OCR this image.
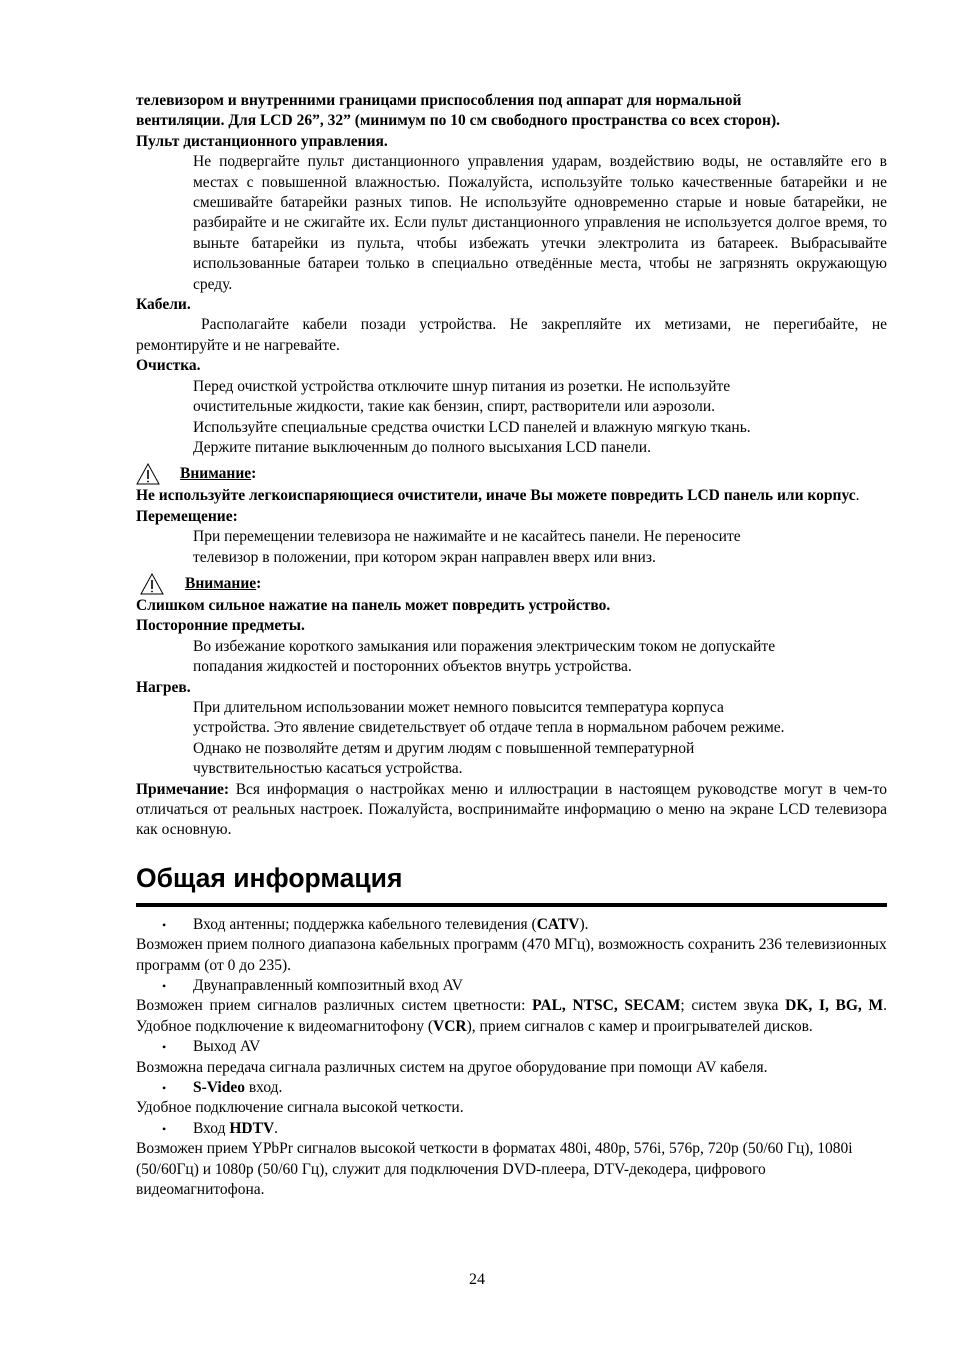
телевизором и внутренними границами приспособления под аппарат для нормальной

вентиляции. Для LCD 26”, 32” (минимум по 10 см свободного пространства со всех сторон).

Пульт дистанционного управления.

Не подвергайте пульт дистанционного управления ударам, воздействию воды, не оставляйте его в местах с повышенной влажностью. Пожалуйста, используйте только качественные батарейки и не смешивайте батарейки разных типов. Не используйте одновременно старые и новые батарейки, не разбирайте и не сжигайте их. Если пульт дистанционного управления не используется долгое время, то выньте батарейки из пульта, чтобы избежать утечки электролита из батареек. Выбрасывайте использованные батареи только в специально отведённые места, чтобы не загрязнять окружающую среду.

Кабели.

Располагайте кабели позади устройства. Не закрепляйте их метизами, не перегибайте, не ремонтируйте и не нагревайте.

Очистка.

Перед очисткой устройства отключите шнур питания из розетки. Не используйте

очистительные жидкости, такие как бензин, спирт, растворители или аэрозоли.

Используйте специальные средства очистки LCD панелей и влажную мягкую ткань.

Держите питание выключенным до полного высыхания LCD панели.

Внимание:

Не используйте легкоиспаряющиеся очистители, иначе Вы можете повредить LCD панель или корпус.

Перемещение:

При перемещении телевизора не нажимайте и не касайтесь панели. Не переносите

телевизор в положении, при котором экран направлен вверх или вниз.

Внимание:

Слишком сильное нажатие на панель может повредить устройство.

Посторонние предметы.

Во избежание короткого замыкания или поражения электрическим током не допускайте

попадания жидкостей и посторонних объектов внутрь устройства.

Нагрев.

При длительном использовании может немного повысится температура корпуса

устройства. Это явление свидетельствует об отдаче тепла в нормальном рабочем режиме.

Однако не позволяйте детям и другим людям с повышенной температурной

чувствительностью касаться устройства.

Примечание: Вся информация о настройках меню и иллюстрации в настоящем руководстве могут в чем-то отличаться от реальных настроек. Пожалуйста, воспринимайте информацию о меню на экране LCD телевизора как основную.

Общая информация
•	Вход антенны; поддержка кабельного телевидения (CATV).

Возможен прием полного диапазона кабельных программ (470 МГц), возможность сохранить 236 телевизионных программ (от 0 до 235).

•	Двунаправленный композитный вход AV

Возможен прием сигналов различных систем цветности: PAL, NTSC, SECAM; систем звука DK, I, BG, M. Удобное подключение к видеомагнитофону (VCR), прием сигналов с камер и проигрывателей дисков.

•	Выход AV

Возможна передача сигнала различных систем на другое оборудование при помощи AV кабеля.

•	S-Video вход.

Удобное подключение сигнала высокой четкости.

•	Вход HDTV.

Возможен прием YPbPr сигналов высокой четкости в форматах 480i, 480p, 576i, 576p, 720p (50/60 Гц), 1080i (50/60Гц) и 1080p (50/60 Гц), служит для подключения DVD-плеера, DTV-декодера, цифрового видеомагнитофона.

24
